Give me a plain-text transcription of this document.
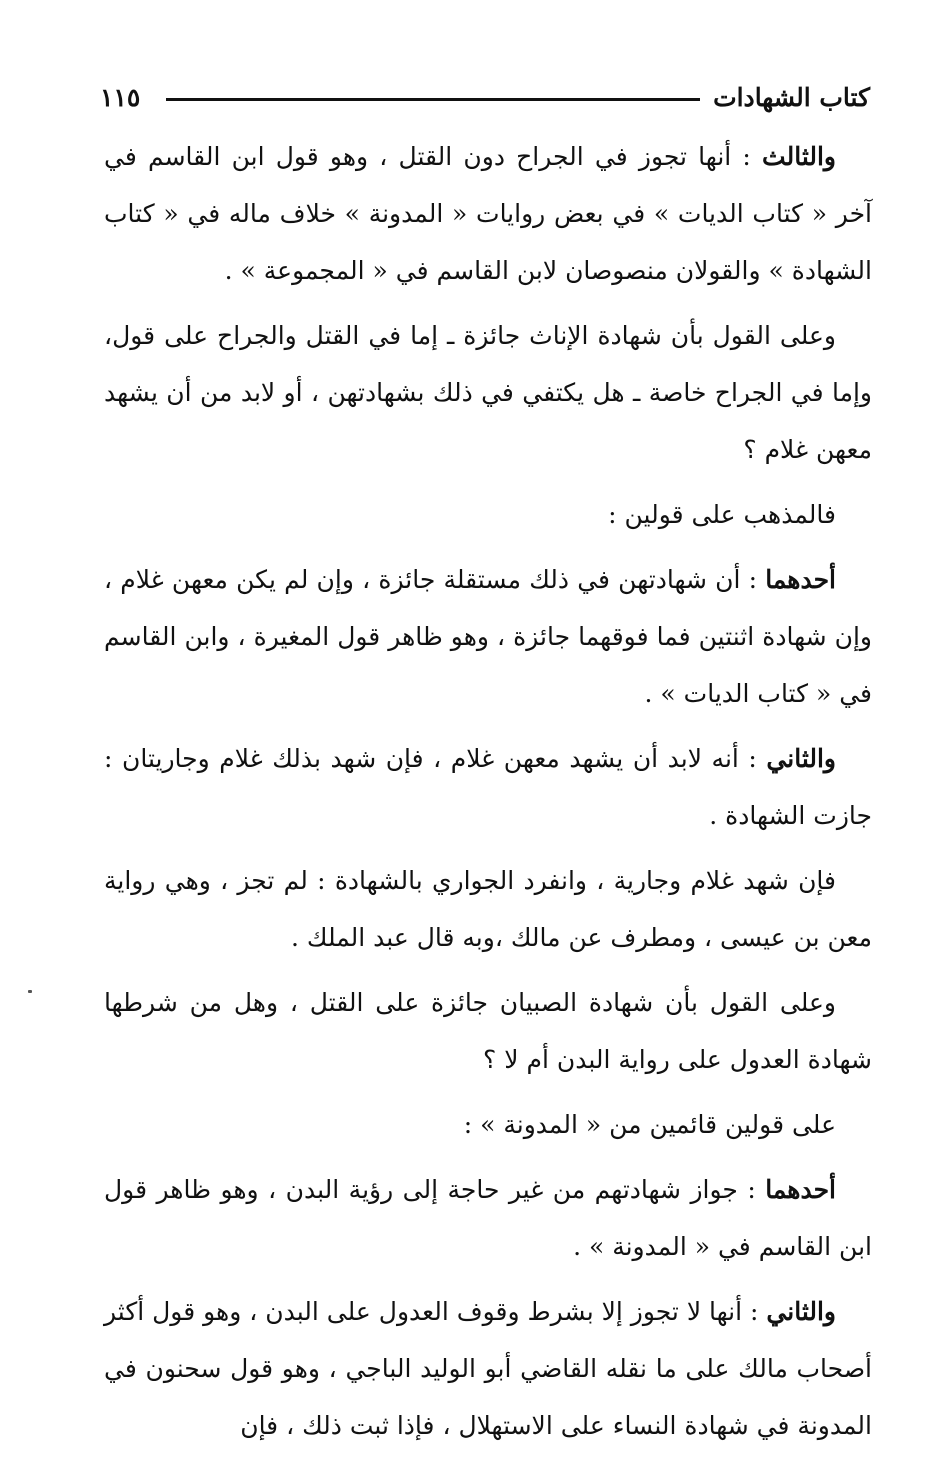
كتاب الشهادات
١١٥

والثالث : أنها تجوز في الجراح دون القتل ، وهو قول ابن القاسم في آخر « كتاب الديات » في بعض روايات « المدونة » خلاف ماله في « كتاب الشهادة » والقولان منصوصان لابن القاسم في « المجموعة » .

وعلى القول بأن شهادة الإناث جائزة ـ إما في القتل والجراح على قول، وإما في الجراح خاصة ـ هل يكتفي في ذلك بشهادتهن ، أو لابد من أن يشهد معهن غلام ؟

فالمذهب على قولين :

أحدهما : أن شهادتهن في ذلك مستقلة جائزة ، وإن لم يكن معهن غلام ، وإن شهادة اثنتين فما فوقهما جائزة ، وهو ظاهر قول المغيرة ، وابن القاسم في « كتاب الديات » .

والثاني : أنه لابد أن يشهد معهن غلام ، فإن شهد بذلك غلام وجاريتان : جازت الشهادة .

فإن شهد غلام وجارية ، وانفرد الجواري بالشهادة : لم تجز ، وهي رواية معن بن عيسى ، ومطرف عن مالك ،وبه قال عبد الملك .

وعلى القول بأن شهادة الصبيان جائزة على القتل ، وهل من شرطها شهادة العدول على رواية البدن أم لا ؟

على قولين قائمين من « المدونة » :

أحدهما : جواز شهادتهم من غير حاجة إلى رؤية البدن ، وهو ظاهر قول ابن القاسم في « المدونة » .

والثاني : أنها لا تجوز إلا بشرط وقوف العدول على البدن ، وهو قول أكثر أصحاب مالك على ما نقله القاضي أبو الوليد الباجي ، وهو قول سحنون في المدونة في شهادة النساء على الاستهلال ، فإذا ثبت ذلك ، فإن
